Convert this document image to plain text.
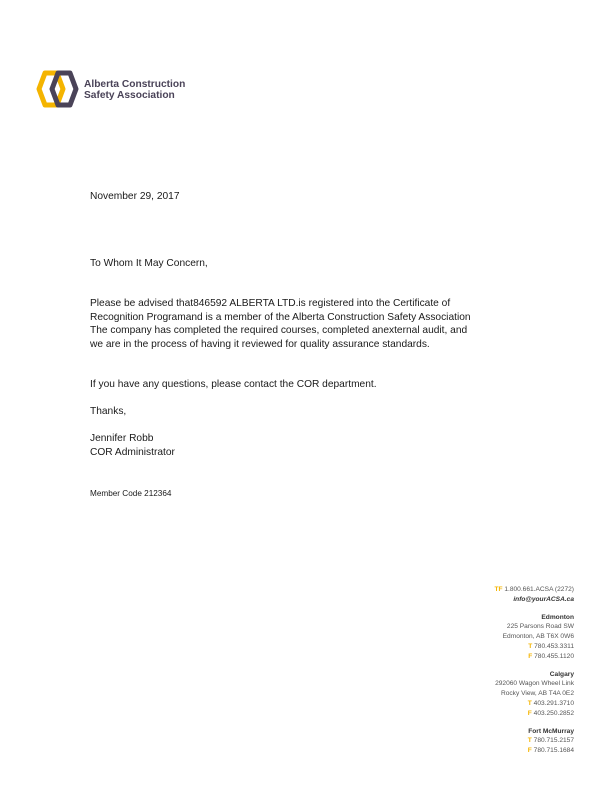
Alberta Construction
Safety Association
November 29, 2017
To Whom It May Concern,
Please be advised that846592 ALBERTA LTD.is registered into the Certificate of
Recognition Programand is a member of the Alberta Construction Safety Association
The company has completed the required courses, completed anexternal audit, and
we are in the process of having it reviewed for quality assurance standards.
If you have any questions, please contact the COR department.
Thanks,
Jennifer Robb
COR Administrator
Member Code 212364
TF 1.800.661.ACSA (2272)
info@yourACSA.ca
Edmonton
225 Parsons Road SW
Edmonton, AB T6X 0W6
T 780.453.3311
F 780.455.1120
Calgary
292060 Wagon Wheel Link
Rocky View, AB T4A 0E2
T 403.291.3710
F 403.250.2852
Fort McMurray
T 780.715.2157
F 780.715.1684
